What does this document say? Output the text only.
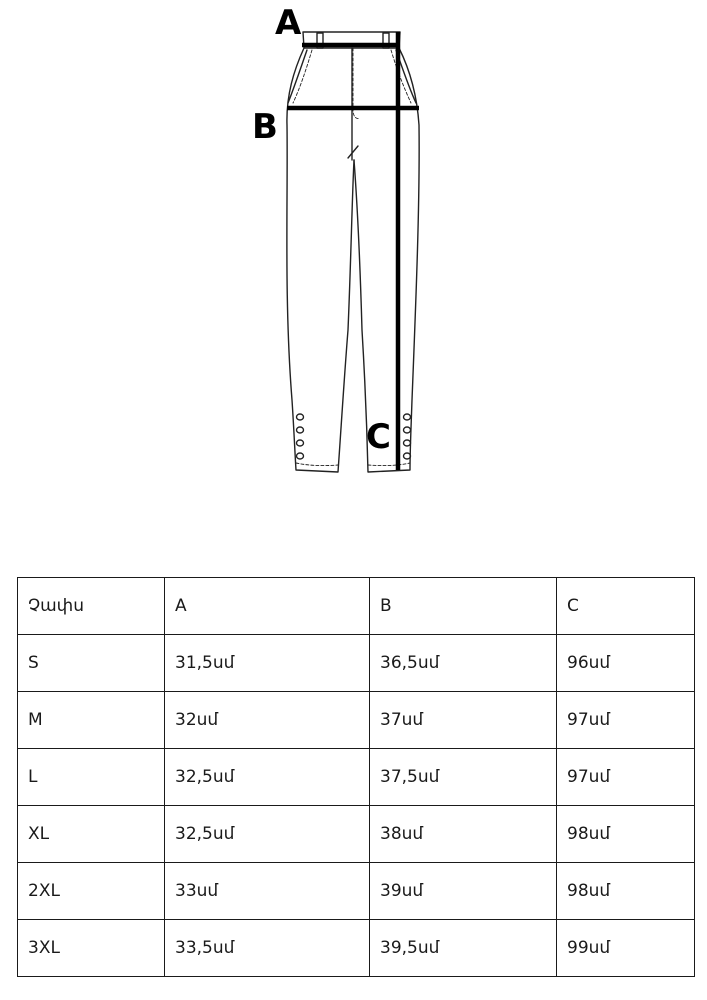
A
B
C
Չափս	A	B	C
S	31,5սմ	36,5սմ	96սմ
M	32սմ	37սմ	97սմ
L	32,5սմ	37,5սմ	97սմ
XL	32,5սմ	38սմ	98սմ
2XL	33սմ	39սմ	98սմ
3XL	33,5սմ	39,5սմ	99սմ
